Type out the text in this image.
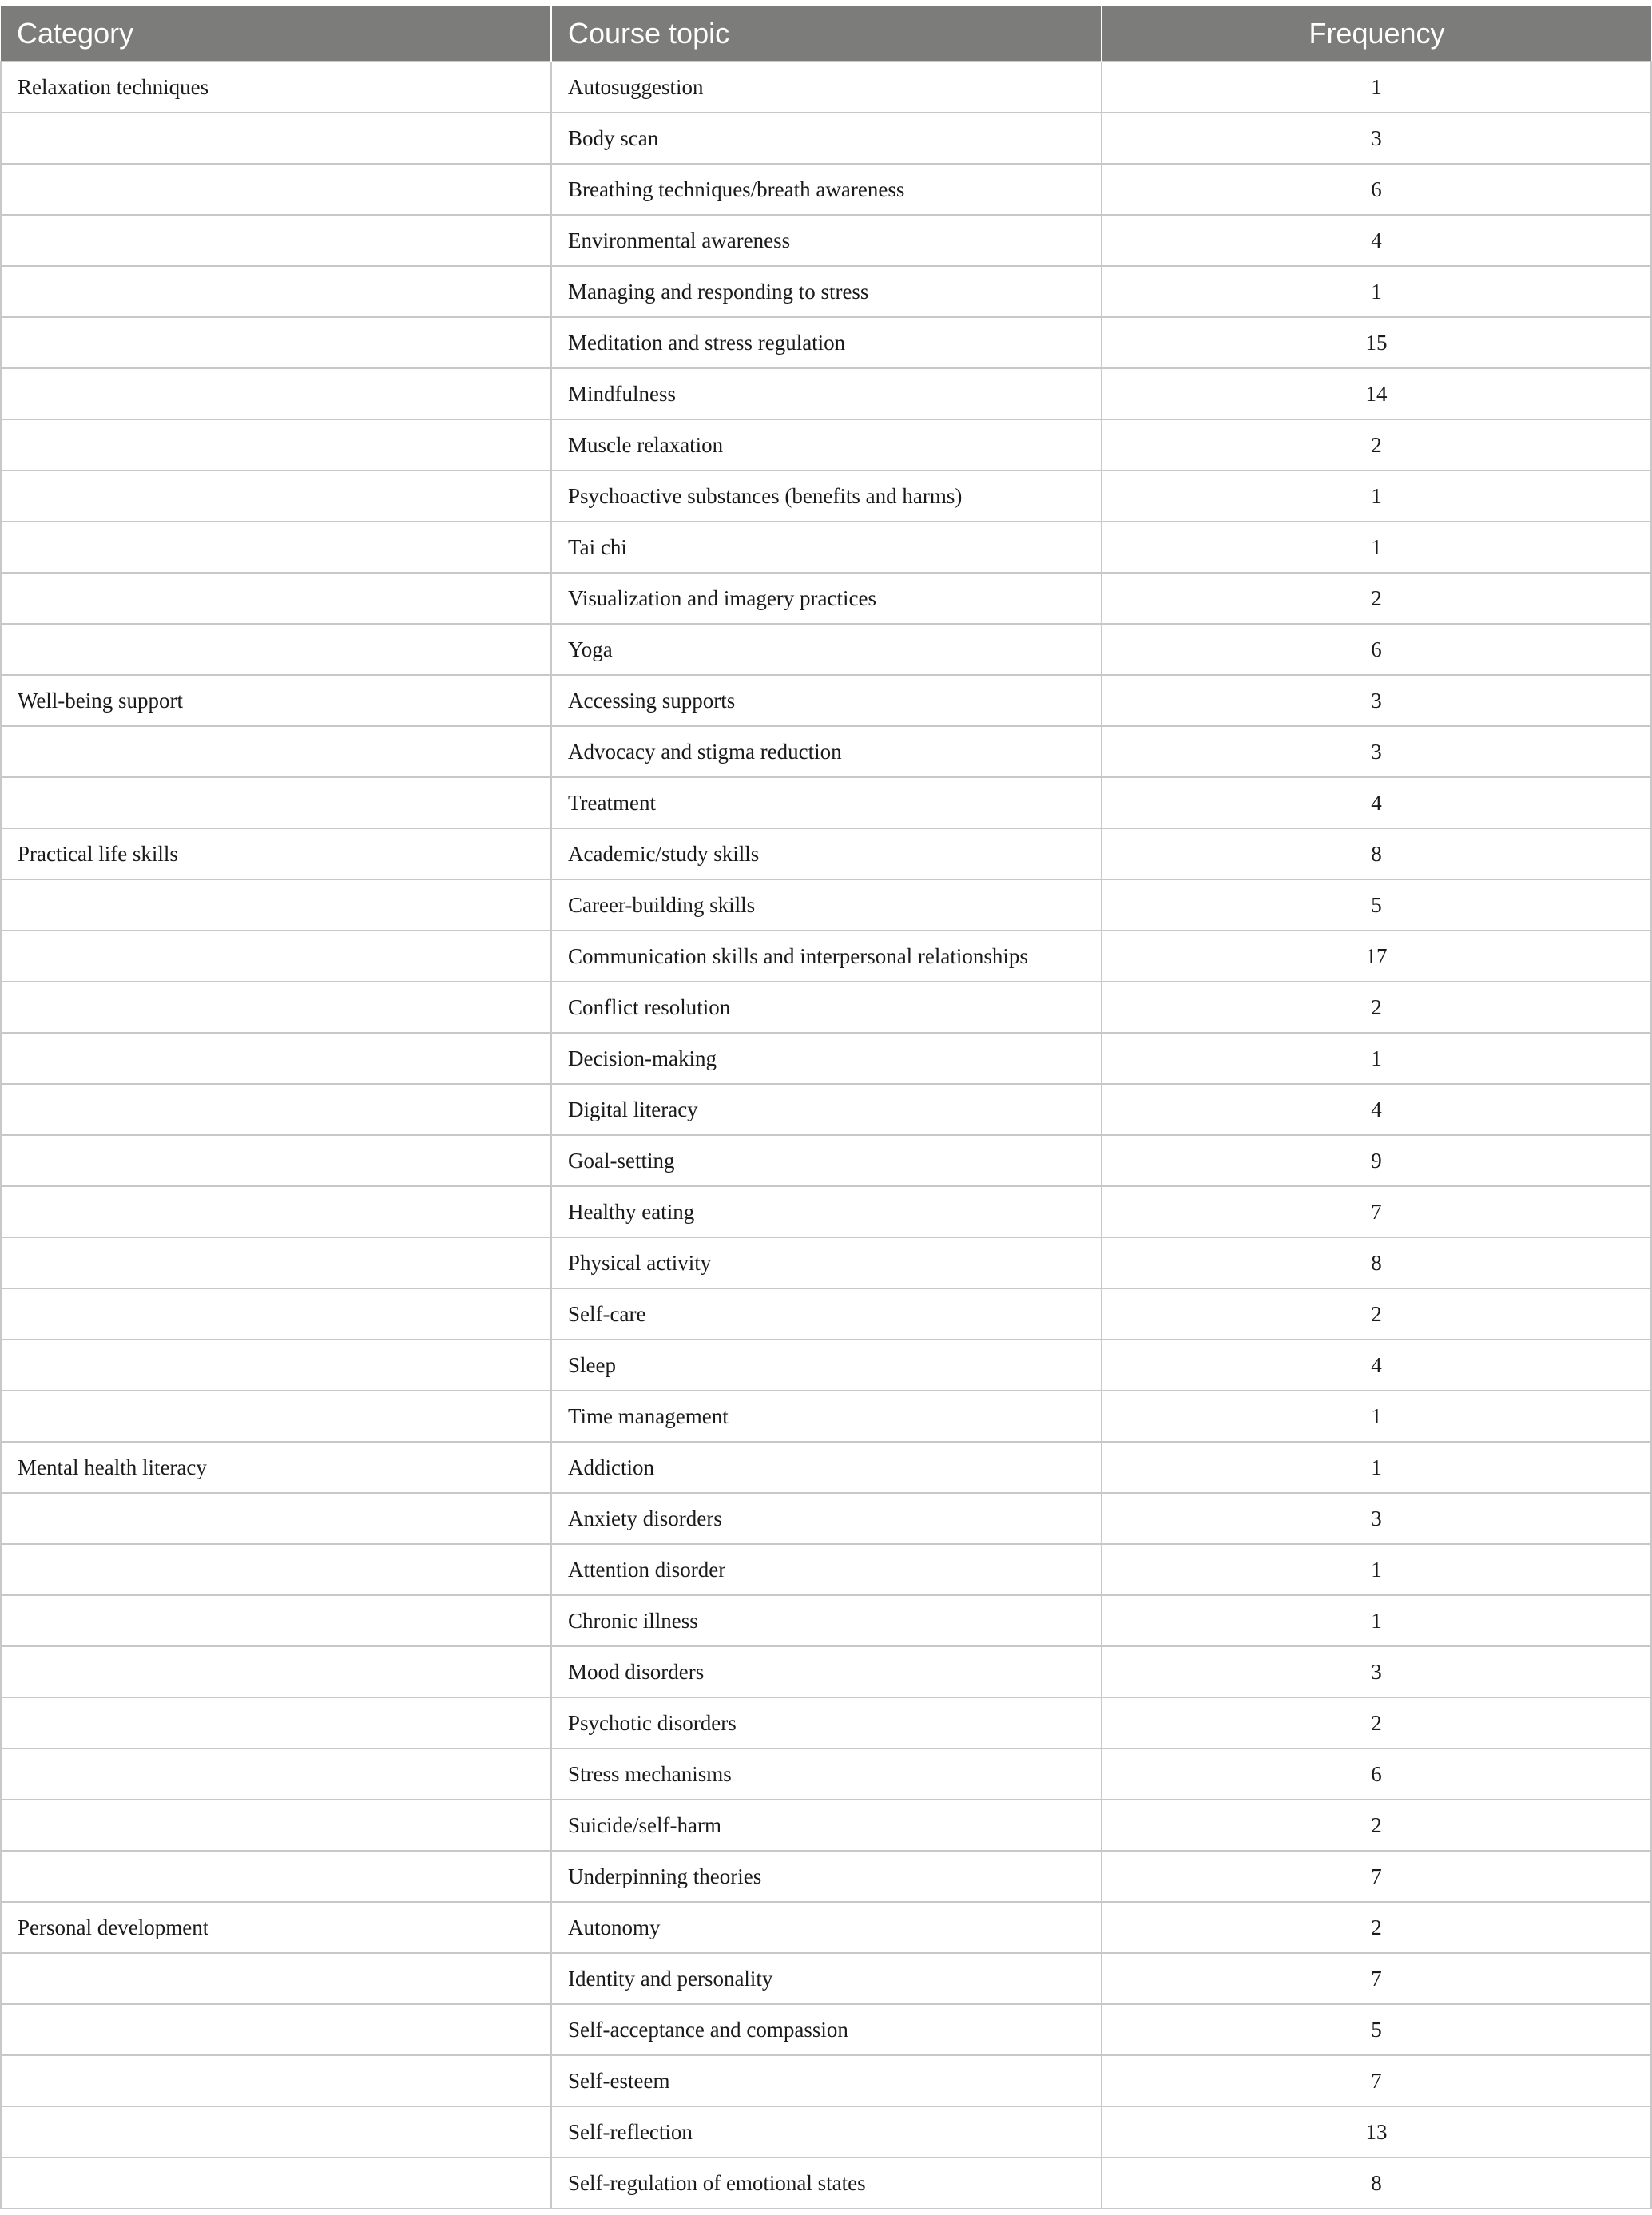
Category	Course topic	Frequency
Relaxation techniques	Autosuggestion	1
	Body scan	3
	Breathing techniques/breath awareness	6
	Environmental awareness	4
	Managing and responding to stress	1
	Meditation and stress regulation	15
	Mindfulness	14
	Muscle relaxation	2
	Psychoactive substances (benefits and harms)	1
	Tai chi	1
	Visualization and imagery practices	2
	Yoga	6
Well-being support	Accessing supports	3
	Advocacy and stigma reduction	3
	Treatment	4
Practical life skills	Academic/study skills	8
	Career-building skills	5
	Communication skills and interpersonal relationships	17
	Conflict resolution	2
	Decision-making	1
	Digital literacy	4
	Goal-setting	9
	Healthy eating	7
	Physical activity	8
	Self-care	2
	Sleep	4
	Time management	1
Mental health literacy	Addiction	1
	Anxiety disorders	3
	Attention disorder	1
	Chronic illness	1
	Mood disorders	3
	Psychotic disorders	2
	Stress mechanisms	6
	Suicide/self-harm	2
	Underpinning theories	7
Personal development	Autonomy	2
	Identity and personality	7
	Self-acceptance and compassion	5
	Self-esteem	7
	Self-reflection	13
	Self-regulation of emotional states	8
